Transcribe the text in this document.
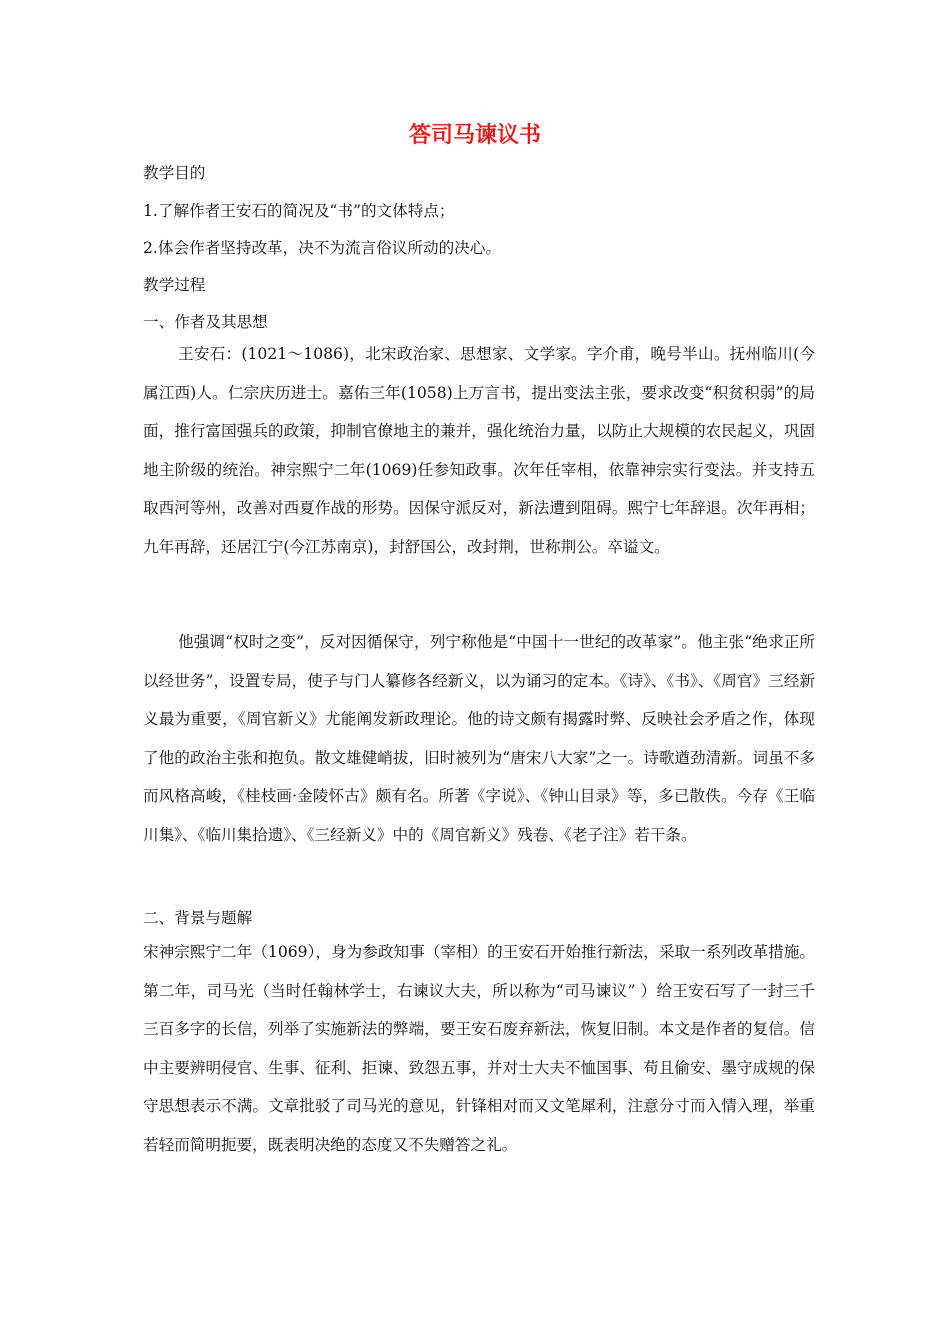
答司马谏议书
教学目的
1.了解作者王安石的简况及“书”的文体特点；
2.体会作者坚持改革，决不为流言俗议所动的决心。
教学过程
一、作者及其思想
王安石：(1021～1086)，北宋政治家、思想家、文学家。字介甫，晚号半山。抚州临川(今属江西)人。仁宗庆历进士。嘉佑三年(1058)上万言书，提出变法主张，要求改变“积贫积弱”的局面，推行富国强兵的政策，抑制官僚地主的兼并，强化统治力量，以防止大规模的农民起义，巩固地主阶级的统治。神宗熙宁二年(1069)任参知政事。次年任宰相，依靠神宗实行变法。并支持五取西河等州，改善对西夏作战的形势。因保守派反对，新法遭到阻碍。熙宁七年辞退。次年再相；九年再辞，还居江宁(今江苏南京)，封舒国公，改封荆，世称荆公。卒谥文。
他强调“权时之变”，反对因循保守，列宁称他是“中国十一世纪的改革家”。他主张“绝求正所以经世务”，设置专局，使子与门人纂修各经新义，以为诵习的定本。《诗》、《书》、《周官》三经新义最为重要，《周官新义》尤能阐发新政理论。他的诗文颇有揭露时弊、反映社会矛盾之作，体现了他的政治主张和抱负。散文雄健峭拔，旧时被列为“唐宋八大家”之一。诗歌遒劲清新。词虽不多而风格高峻，《桂枝画·金陵怀古》颇有名。所著《字说》、《钟山目录》等，多已散佚。今存《王临川集》、《临川集拾遗》、《三经新义》中的《周官新义》残卷、《老子注》若干条。
二、背景与题解
宋神宗熙宁二年（1069），身为参政知事（宰相）的王安石开始推行新法，采取一系列改革措施。第二年，司马光（当时任翰林学士，右谏议大夫，所以称为“司马谏议” ）给王安石写了一封三千三百多字的长信，列举了实施新法的弊端，要王安石废弃新法，恢复旧制。本文是作者的复信。信中主要辨明侵官、生事、征利、拒谏、致怨五事，并对士大夫不恤国事、苟且偷安、墨守成规的保守思想表示不满。文章批驳了司马光的意见，针锋相对而又文笔犀利，注意分寸而入情入理，举重若轻而简明扼要，既表明决绝的态度又不失赠答之礼。
